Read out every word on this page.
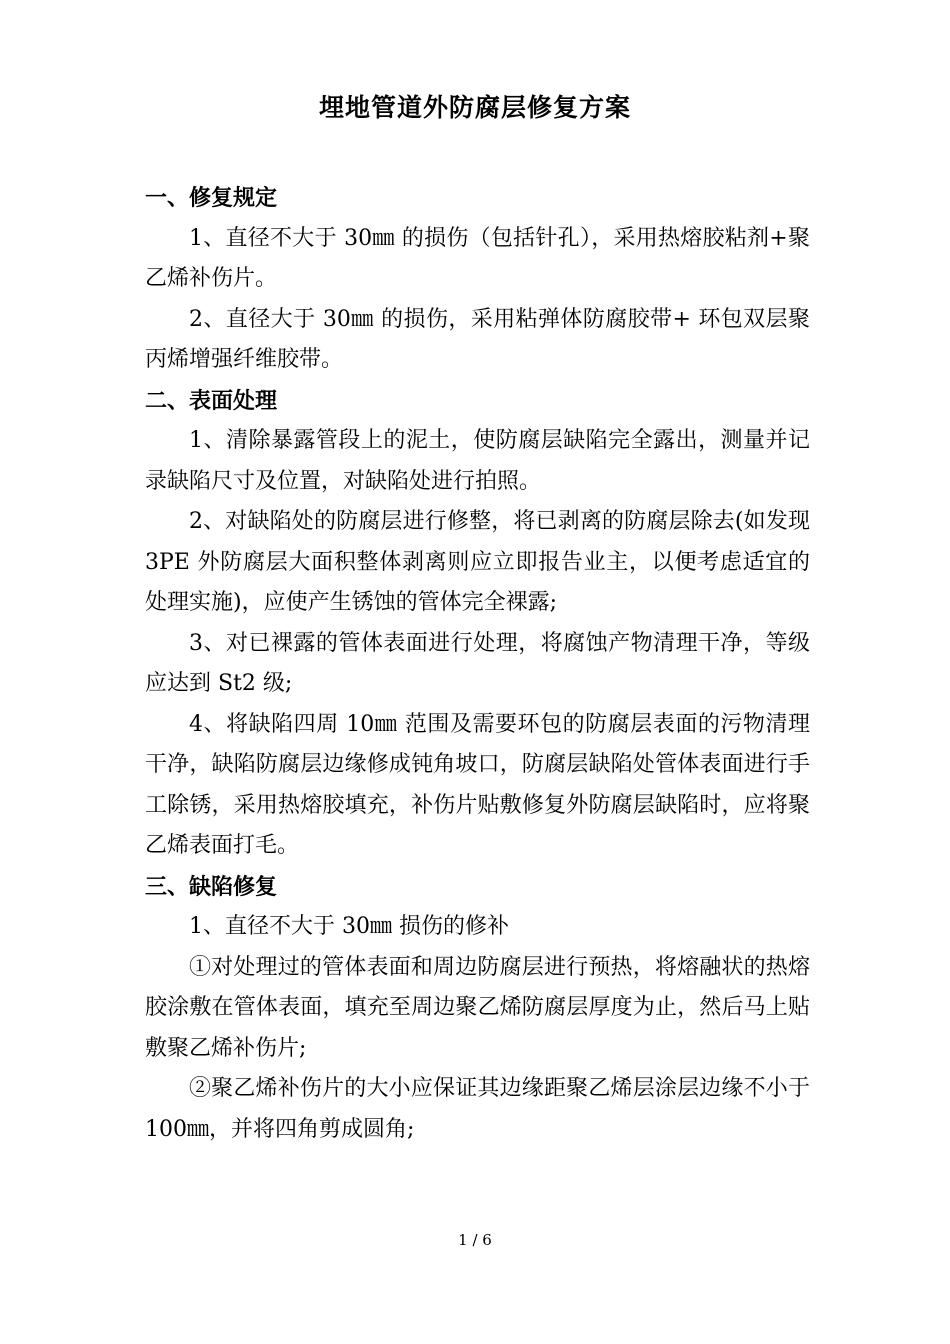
埋地管道外防腐层修复方案

一、修复规定

1、直径不大于 30㎜ 的损伤（包括针孔），采用热熔胶粘剂+聚乙烯补伤片。

2、直径大于 30㎜ 的损伤，采用粘弹体防腐胶带+ 环包双层聚丙烯增强纤维胶带。

二、表面处理

1、清除暴露管段上的泥土，使防腐层缺陷完全露出，测量并记录缺陷尺寸及位置，对缺陷处进行拍照。

2、对缺陷处的防腐层进行修整，将已剥离的防腐层除去(如发现 3PE 外防腐层大面积整体剥离则应立即报告业主，以便考虑适宜的处理实施)，应使产生锈蚀的管体完全裸露;

3、对已裸露的管体表面进行处理，将腐蚀产物清理干净，等级应达到 St2 级;

4、将缺陷四周 10㎜ 范围及需要环包的防腐层表面的污物清理干净，缺陷防腐层边缘修成钝角坡口，防腐层缺陷处管体表面进行手工除锈，采用热熔胶填充，补伤片贴敷修复外防腐层缺陷时，应将聚乙烯表面打毛。

三、缺陷修复

1、直径不大于 30㎜ 损伤的修补

①对处理过的管体表面和周边防腐层进行预热，将熔融状的热熔胶涂敷在管体表面，填充至周边聚乙烯防腐层厚度为止，然后马上贴敷聚乙烯补伤片;

②聚乙烯补伤片的大小应保证其边缘距聚乙烯层涂层边缘不小于 100㎜，并将四角剪成圆角;

1 / 6
